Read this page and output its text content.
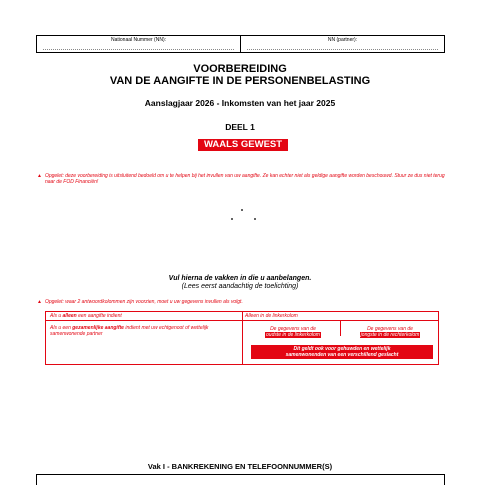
Nationaal Nummer (NN):	NN (partner):
VOORBEREIDING
VAN DE AANGIFTE IN DE PERSONENBELASTING
Aanslagjaar 2026 - Inkomsten van het jaar 2025
DEEL 1
WAALS GEWEST
▲ Opgelet: deze voorbereiding is uitsluitend bedoeld om u te helpen bij het invullen van uw aangifte. Ze kan echter niet als geldige aangifte worden beschouwd. Stuur ze dus niet terug naar de FOD Financiën!
Vul hierna de vakken in die u aanbelangen.
(Lees eerst aandachtig de toelichting)
▲ Opgelet: waar 2 antwoordkolommen zijn voorzien, moet u uw gegevens invullen als volgt.
Als u alleen een aangifte indient	Alleen in de linkerkolom
Als u een gezamenlijke aangifte indient met uw echtgenoot of wettelijk samenwonende partner
De gegevens van de
oudste in de linkerkolom
De gegevens van de
jongste in de rechterkolom
Dit geldt ook voor gehuwden en wettelijk
samenwonenden van een verschillend geslacht
Vak I - BANKREKENING EN TELEFOONNUMMER(S)
